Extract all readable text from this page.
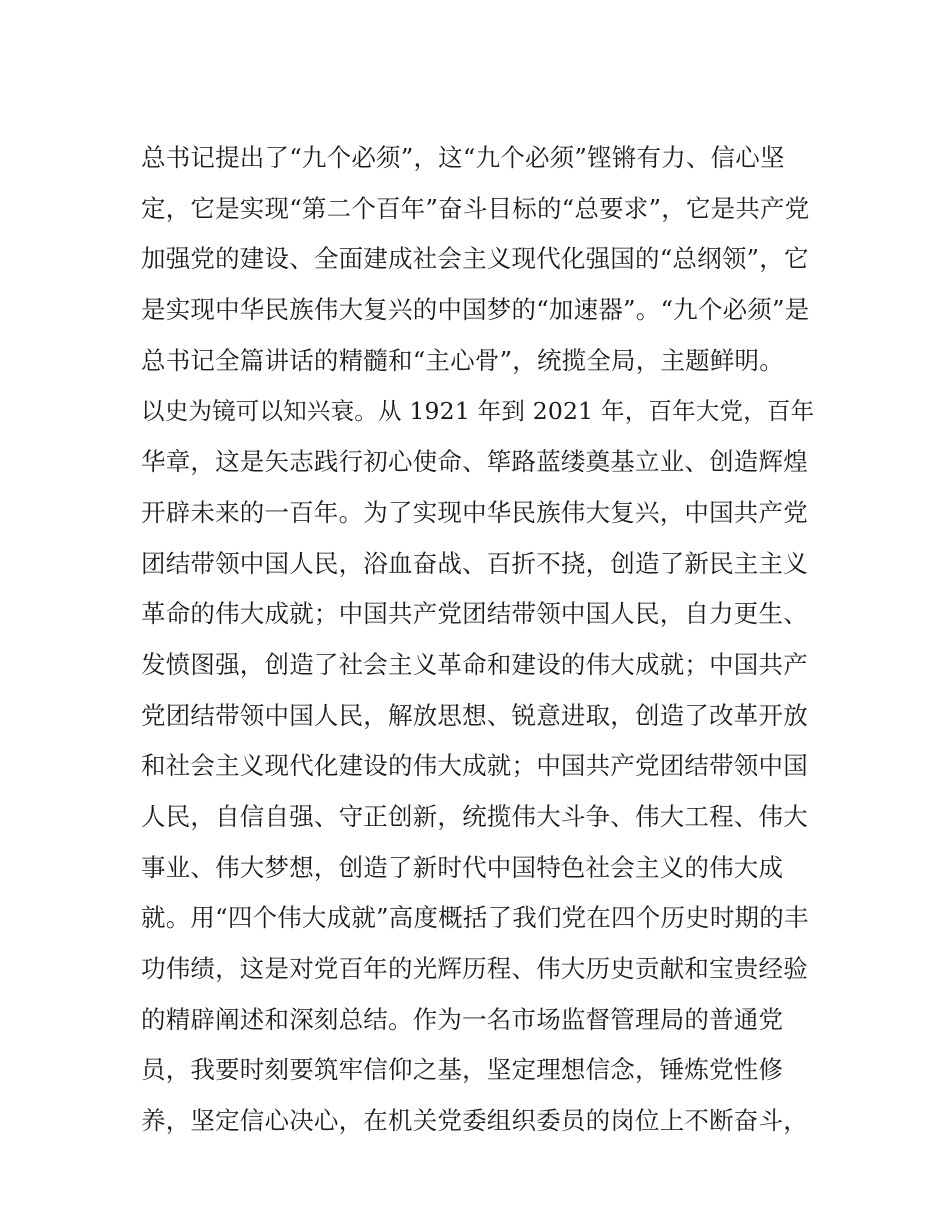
总书记提出了“九个必须”，这“九个必须”铿锵有力、信心坚
定，它是实现“第二个百年”奋斗目标的“总要求”，它是共产党
加强党的建设、全面建成社会主义现代化强国的“总纲领”，它
是实现中华民族伟大复兴的中国梦的“加速器”。“九个必须”是
总书记全篇讲话的精髓和“主心骨”，统揽全局，主题鲜明。
以史为镜可以知兴衰。从 1921 年到 2021 年，百年大党，百年
华章，这是矢志践行初心使命、筚路蓝缕奠基立业、创造辉煌
开辟未来的一百年。为了实现中华民族伟大复兴，中国共产党
团结带领中国人民，浴血奋战、百折不挠，创造了新民主主义
革命的伟大成就；中国共产党团结带领中国人民，自力更生、
发愤图强，创造了社会主义革命和建设的伟大成就；中国共产
党团结带领中国人民，解放思想、锐意进取，创造了改革开放
和社会主义现代化建设的伟大成就；中国共产党团结带领中国
人民，自信自强、守正创新，统揽伟大斗争、伟大工程、伟大
事业、伟大梦想，创造了新时代中国特色社会主义的伟大成
就。用“四个伟大成就”高度概括了我们党在四个历史时期的丰
功伟绩，这是对党百年的光辉历程、伟大历史贡献和宝贵经验
的精辟阐述和深刻总结。作为一名市场监督管理局的普通党
员，我要时刻要筑牢信仰之基，坚定理想信念，锤炼党性修
养，坚定信心决心，在机关党委组织委员的岗位上不断奋斗，
